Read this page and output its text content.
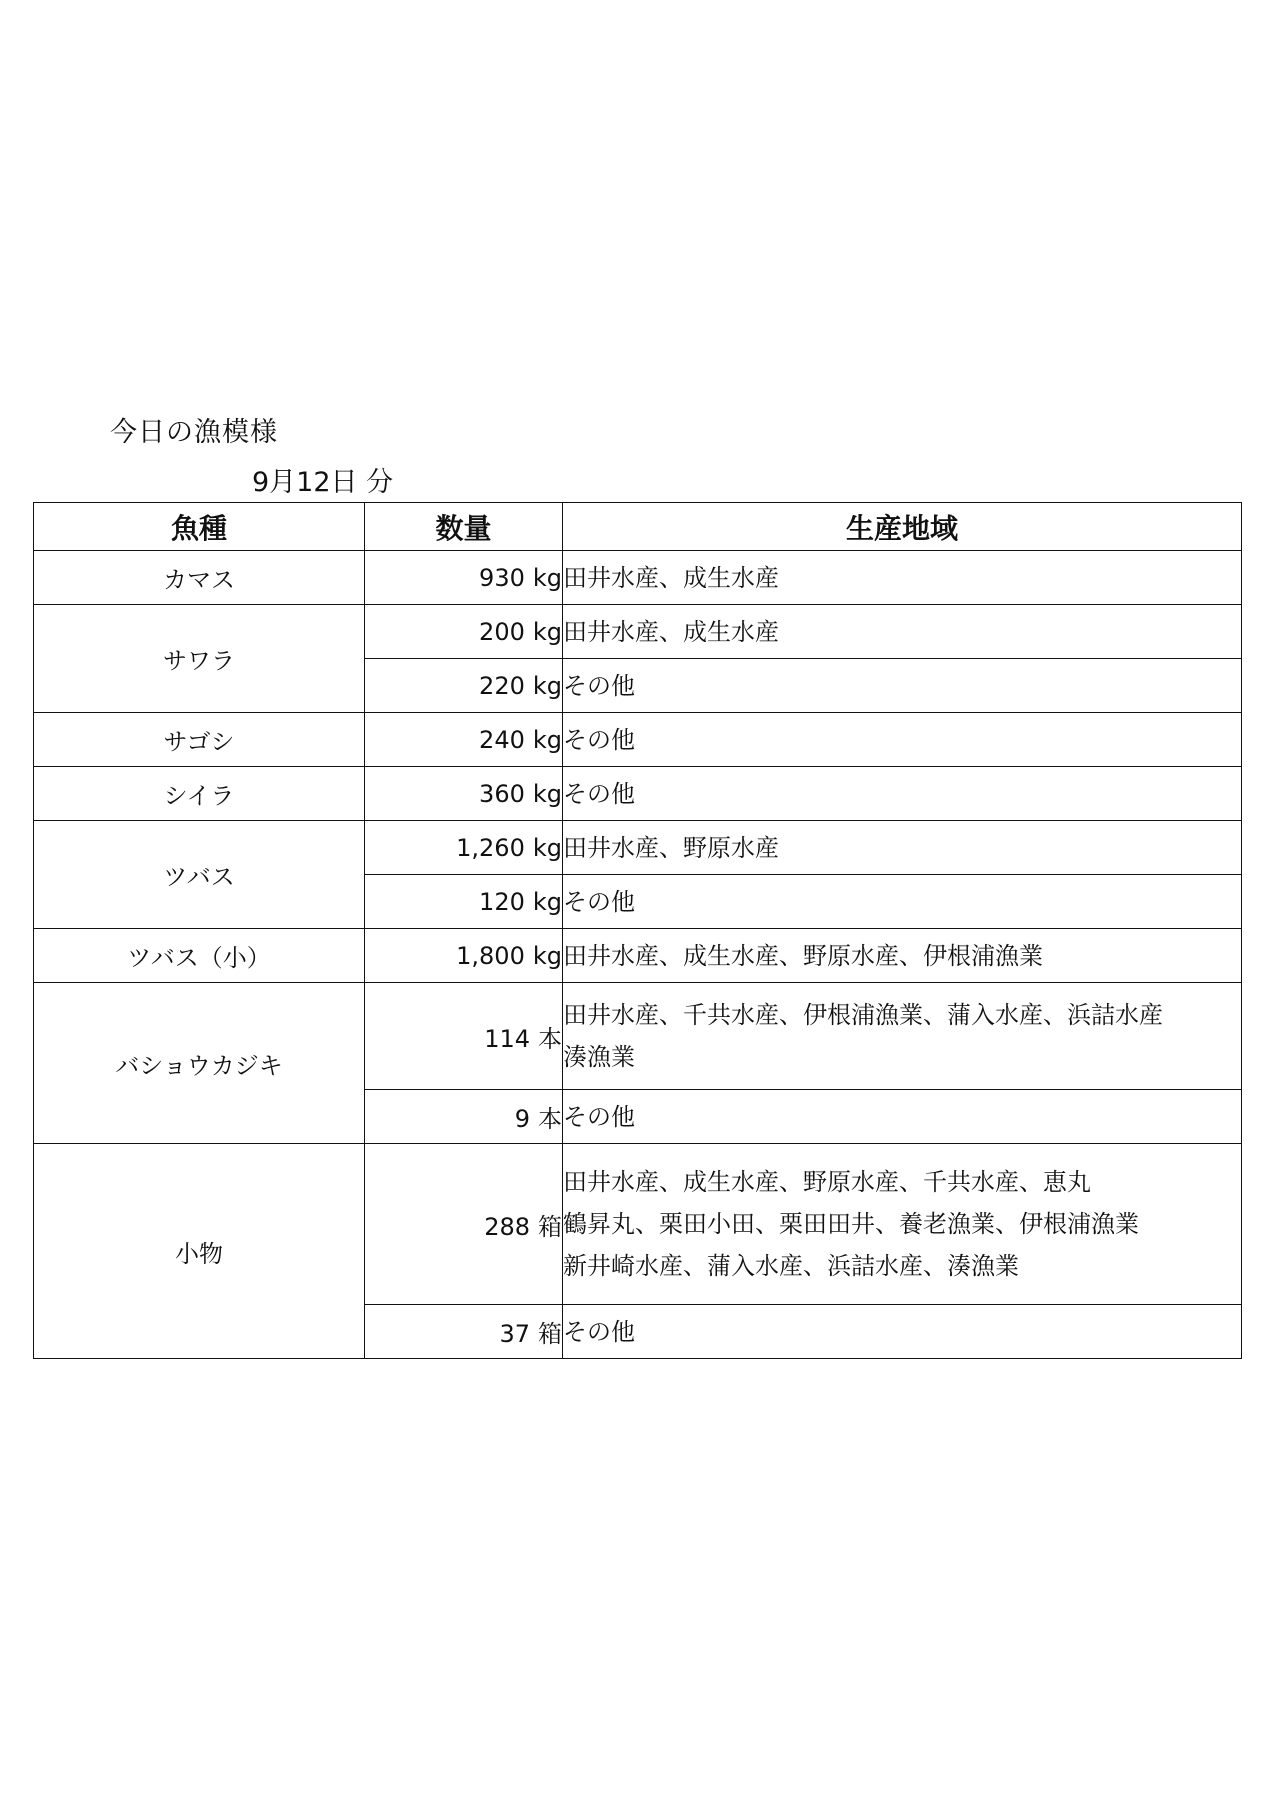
今日の漁模様
9月12日 分
魚種	数量	生産地域
カマス	930 kg	田井水産、成生水産

サワラ	200 kg	田井水産、成生水産

	220 kg	その他

サゴシ	240 kg	その他

シイラ	360 kg	その他

ツバス	1,260 kg	田井水産、野原水産

	120 kg	その他

ツバス（小）	1,800 kg	田井水産、成生水産、野原水産、伊根浦漁業

バショウカジキ	114 本	田井水産、千共水産、伊根浦漁業、蒲入水産、浜詰水産
湊漁業

	9 本	その他

小物	288 箱	田井水産、成生水産、野原水産、千共水産、恵丸
鶴昇丸、栗田小田、栗田田井、養老漁業、伊根浦漁業
新井崎水産、蒲入水産、浜詰水産、湊漁業

	37 箱	その他
